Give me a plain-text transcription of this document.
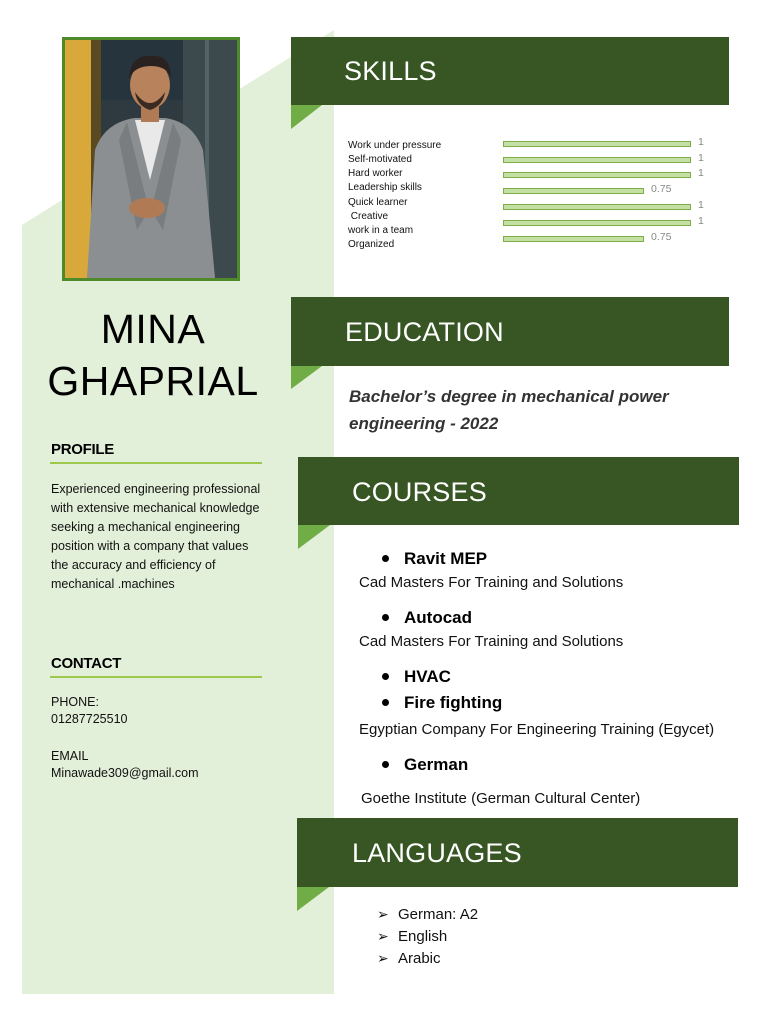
MINA
GHAPRIAL
PROFILE
Experienced engineering professional with extensive mechanical knowledge seeking a mechanical engineering position with a company that values the accuracy and efficiency of mechanical .machines
CONTACT
PHONE:
01287725510
EMAIL
Minawade309@gmail.com
SKILLS
Work under pressure
Self-motivated
Hard worker
Leadership skills
Quick learner
Creative
work in a team
Organized
1
1
1
0.75
1
1
0.75
EDUCATION
Bachelor’s degree in mechanical power engineering - 2022
COURSES
Ravit MEP
Cad Masters For Training and Solutions
Autocad
Cad Masters For Training and Solutions
HVAC
Fire fighting
Egyptian Company For Engineering Training (Egycet)
German
Goethe Institute (German Cultural Center)
LANGUAGES
➢ German: A2
➢ English
➢ Arabic
